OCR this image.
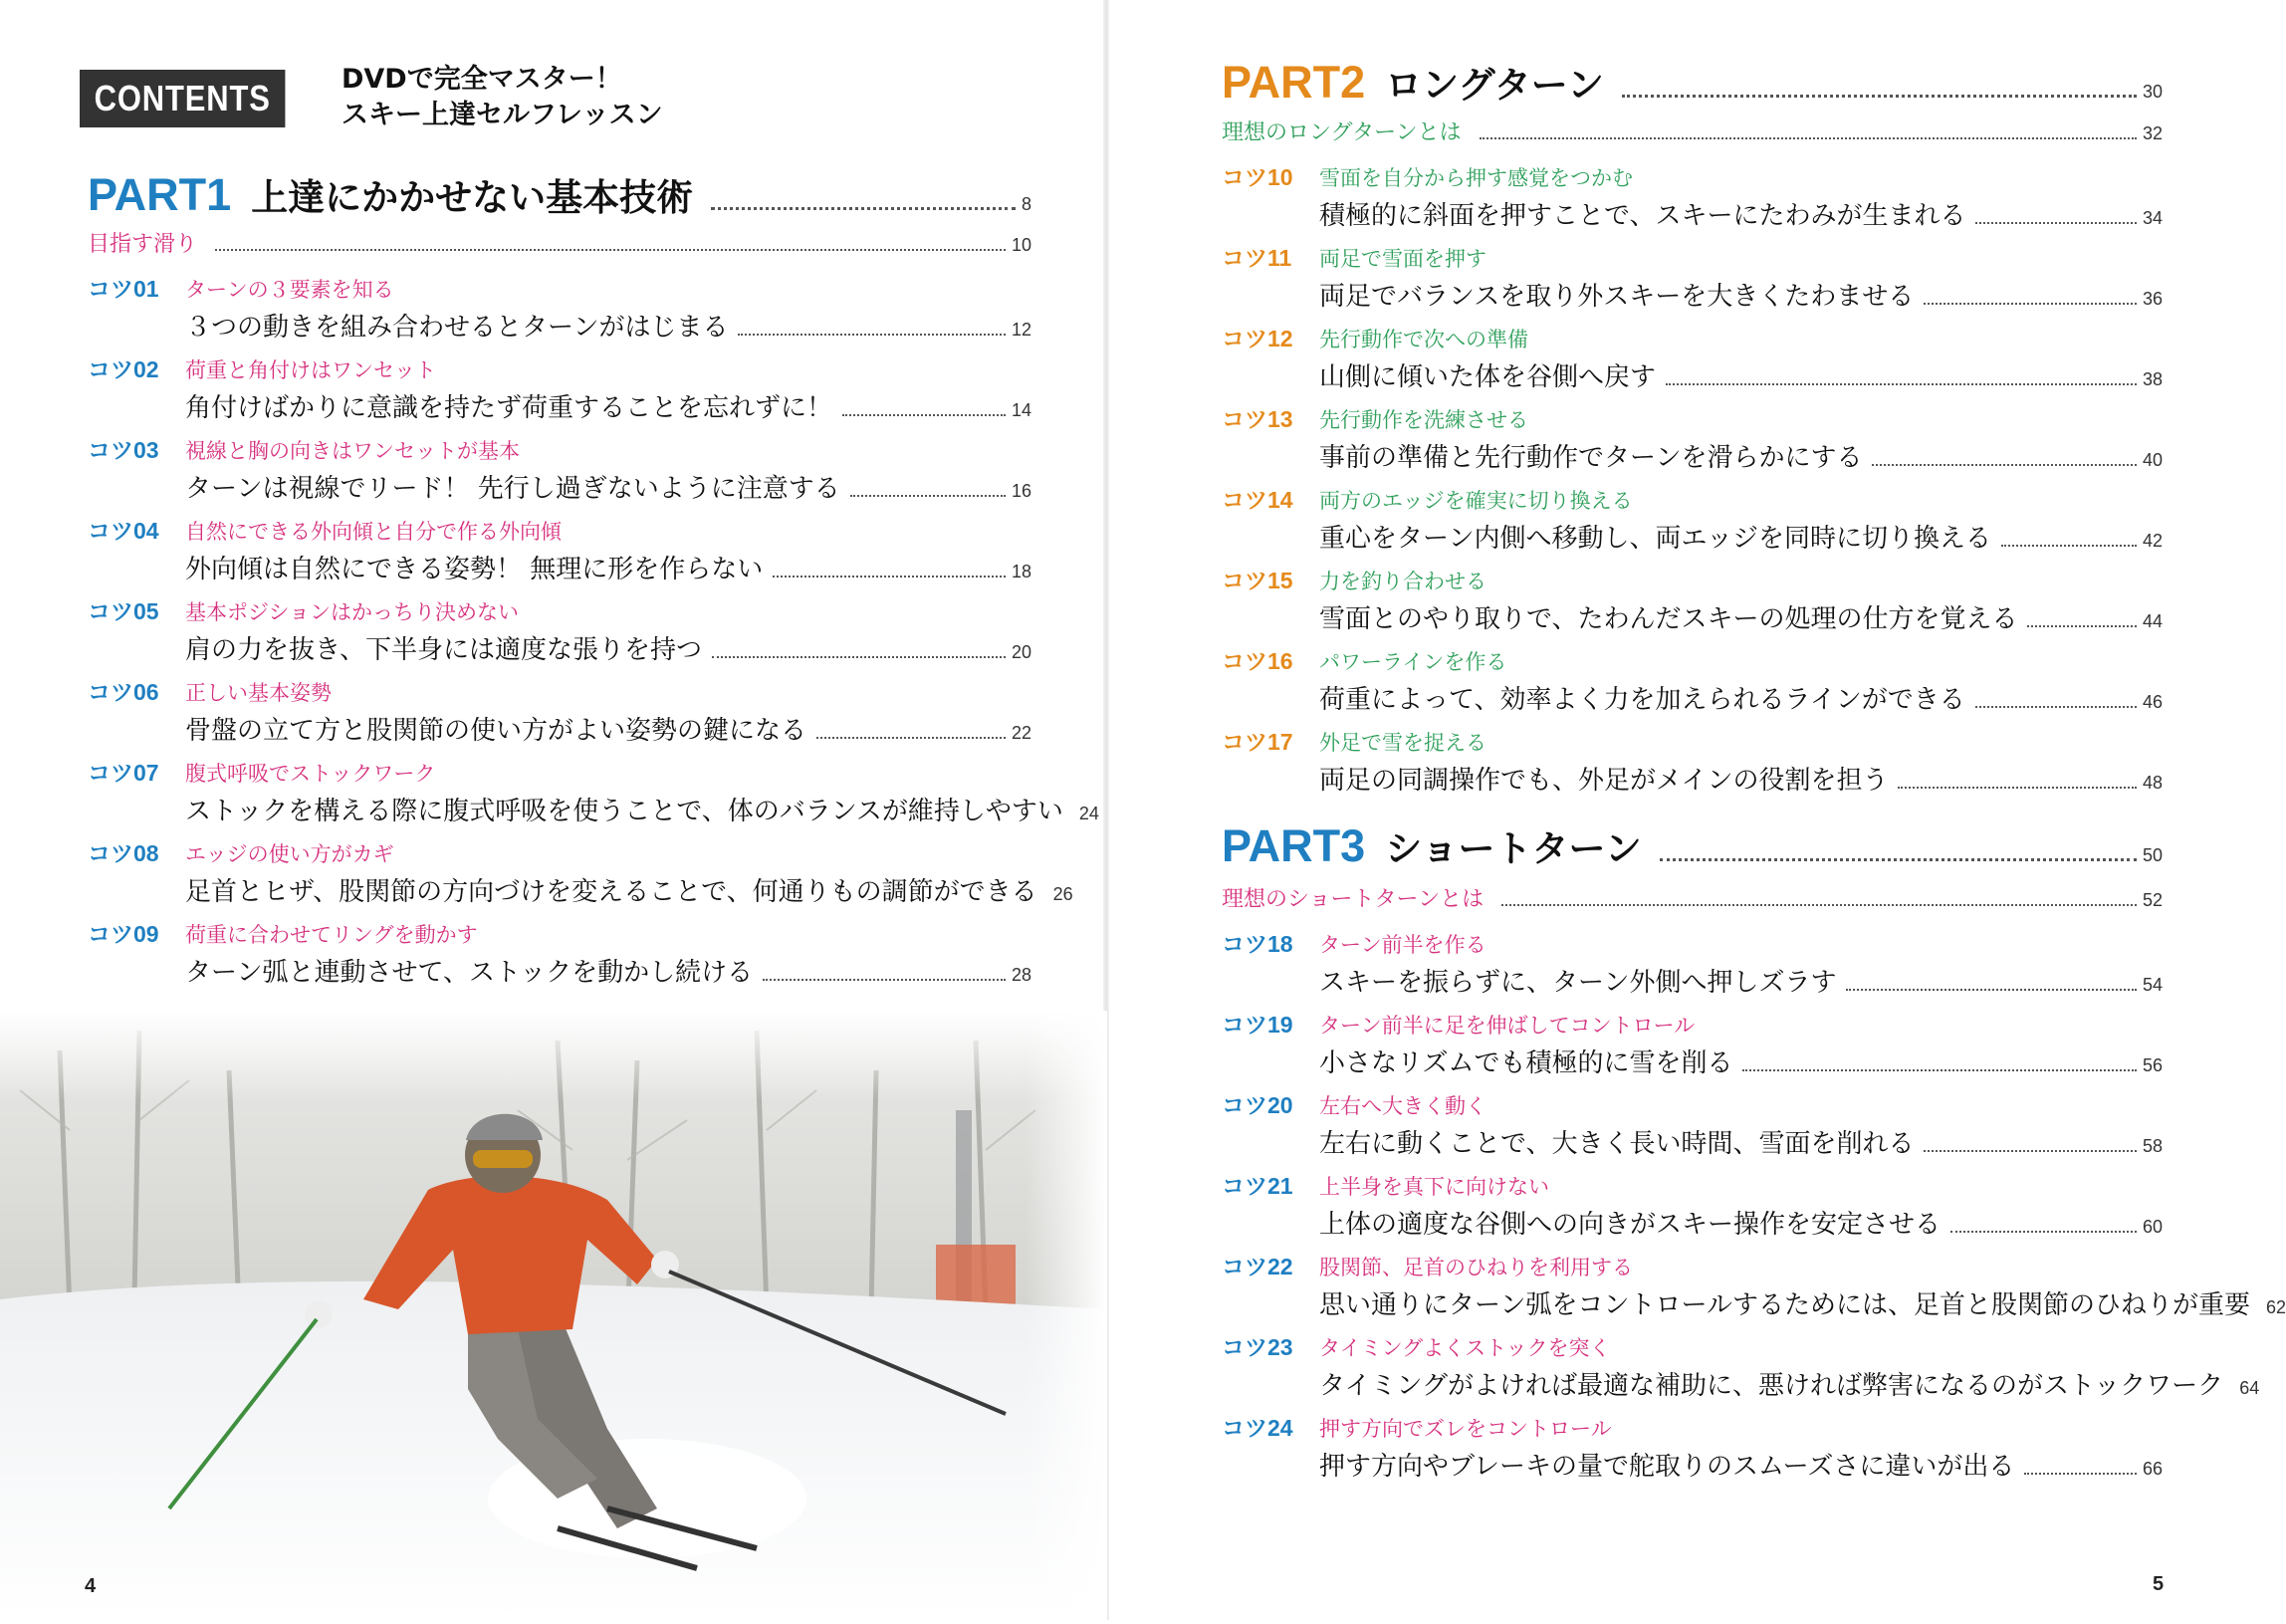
CONTENTS	DVDで完全マスター！
スキー上達セルフレッスン
PART1 上達にかかせない基本技術	8
目指す滑り	10
コツ01	ターンの３要素を知る
３つの動きを組み合わせるとターンがはじまる	12
コツ02	荷重と角付けはワンセット
角付けばかりに意識を持たず荷重することを忘れずに！	14
コツ03	視線と胸の向きはワンセットが基本
ターンは視線でリード！ 先行し過ぎないように注意する	16
コツ04	自然にできる外向傾と自分で作る外向傾
外向傾は自然にできる姿勢！ 無理に形を作らない	18
コツ05	基本ポジションはかっちり決めない
肩の力を抜き、下半身には適度な張りを持つ	20
コツ06	正しい基本姿勢
骨盤の立て方と股関節の使い方がよい姿勢の鍵になる	22
コツ07	腹式呼吸でストックワーク
ストックを構える際に腹式呼吸を使うことで、体のバランスが維持しやすい 24
コツ08	エッジの使い方がカギ
足首とヒザ、股関節の方向づけを変えることで、何通りもの調節ができる 26
コツ09	荷重に合わせてリングを動かす
ターン弧と連動させて、ストックを動かし続ける	28
4
PART2 ロングターン	30
理想のロングターンとは	32
コツ10	雪面を自分から押す感覚をつかむ
積極的に斜面を押すことで、スキーにたわみが生まれる	34
コツ11	両足で雪面を押す
両足でバランスを取り外スキーを大きくたわませる	36
コツ12	先行動作で次への準備
山側に傾いた体を谷側へ戻す	38
コツ13	先行動作を洗練させる
事前の準備と先行動作でターンを滑らかにする	40
コツ14	両方のエッジを確実に切り換える
重心をターン内側へ移動し、両エッジを同時に切り換える	42
コツ15	力を釣り合わせる
雪面とのやり取りで、たわんだスキーの処理の仕方を覚える	44
コツ16	パワーラインを作る
荷重によって、効率よく力を加えられるラインができる	46
コツ17	外足で雪を捉える
両足の同調操作でも、外足がメインの役割を担う	48
PART3 ショートターン	50
理想のショートターンとは	52
コツ18	ターン前半を作る
スキーを振らずに、ターン外側へ押しズラす	54
コツ19	ターン前半に足を伸ばしてコントロール
小さなリズムでも積極的に雪を削る	56
コツ20	左右へ大きく動く
左右に動くことで、大きく長い時間、雪面を削れる	58
コツ21	上半身を真下に向けない
上体の適度な谷側への向きがスキー操作を安定させる	60
コツ22	股関節、足首のひねりを利用する
思い通りにターン弧をコントロールするためには、足首と股関節のひねりが重要 62
コツ23	タイミングよくストックを突く
タイミングがよければ最適な補助に、悪ければ弊害になるのがストックワーク 64
コツ24	押す方向でズレをコントロール
押す方向やブレーキの量で舵取りのスムーズさに違いが出る	66
5
